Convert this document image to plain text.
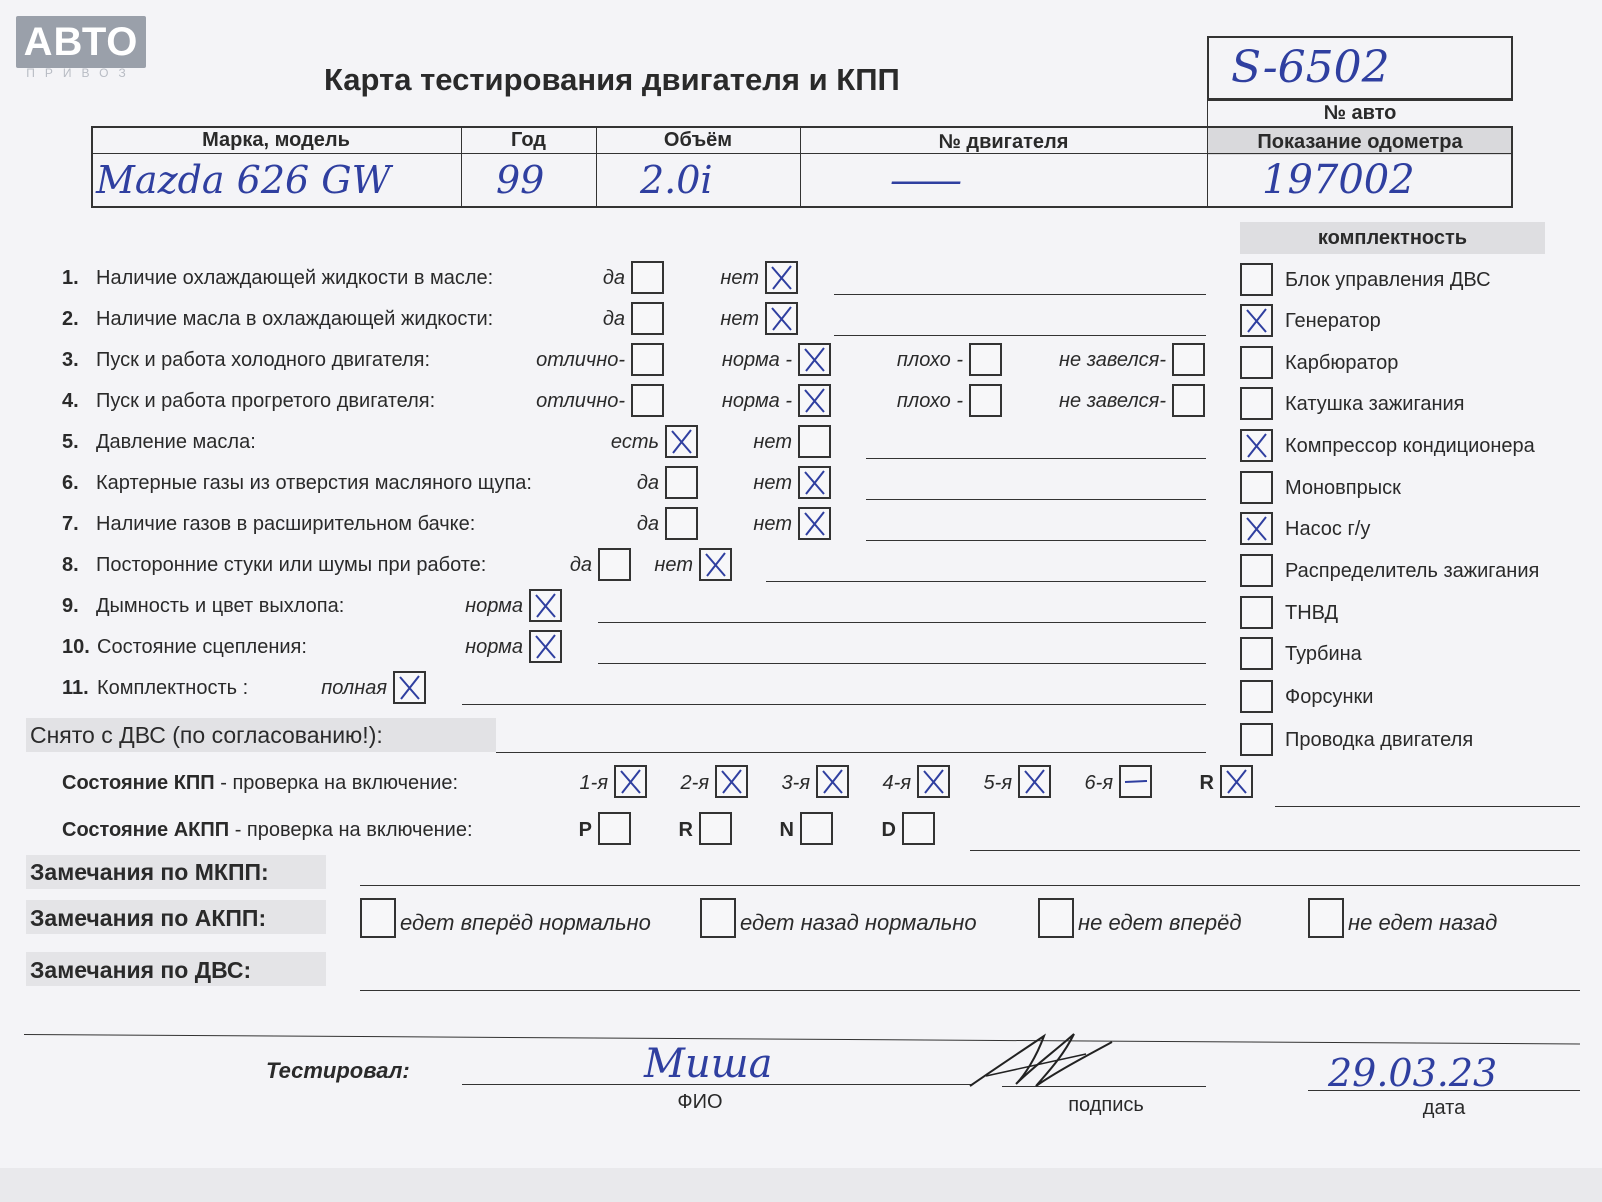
АВТО
ПРИВОЗ	Карта тестирования двигателя и КПП	S-6502
№ авто
Марка, модель	Год	Объём	№ двигателя	Показание одометра
Mazda 626 GW	99	2.0i	——	197002
комплектность
1. Наличие охлаждающей жидкости в масле:	да	нет
2. Наличие масла в охлаждающей жидкости:	да	нет
3. Пуск и работа холодного двигателя:	отлично-	норма -	плохо -	не завелся-
4. Пуск и работа прогретого двигателя:	отлично-	норма -	плохо -	не завелся-
5. Давление масла:	есть	нет
6. Картерные газы из отверстия масляного щупа:	да	нет
7. Наличие газов в расширительном бачке:	да	нет
8. Посторонние стуки или шумы при работе:	да	нет
9. Дымность и цвет выхлопа:	норма
10. Состояние сцепления:	норма
11. Комплектность :	полная
Блок управления ДВС
Генератор
Карбюратор
Катушка зажигания
Компрессор кондиционера
Моновпрыск
Насос г/у
Распределитель зажигания
ТНВД
Турбина
Форсунки
Проводка двигателя
Снято с ДВС (по согласованию!):
Состояние КПП - проверка на включение:	1-я	2-я	3-я	4-я	5-я	6-я	R
Состояние АКПП - проверка на включение:	P	R	N	D
Замечания по МКПП:
Замечания по АКПП:	едет вперёд нормально	едет назад нормально	не едет вперёд	не едет назад
Замечания по ДВС:
Тестировал:	Миша
ФИО	подпись
29.03.23
дата
